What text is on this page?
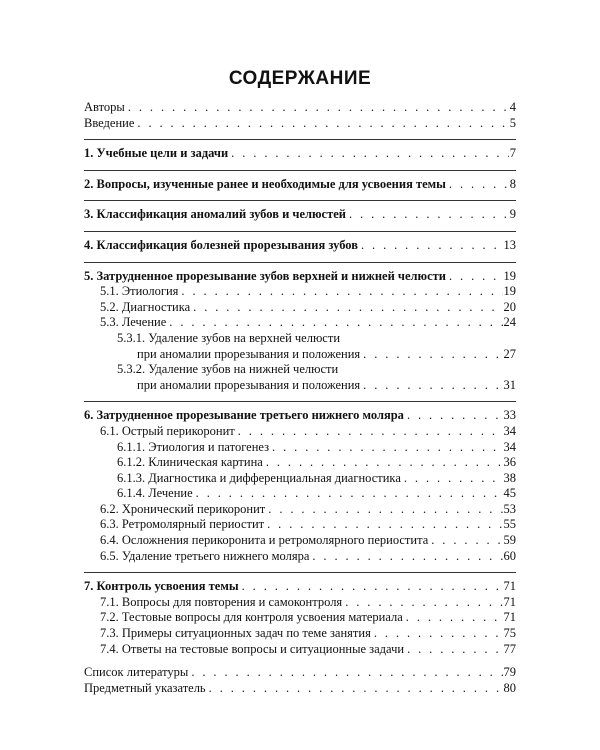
СОДЕРЖАНИЕ
Авторы . . .	4
Введение . . .	5
1. Учебные цели и задачи . . .	7
2. Вопросы, изученные ранее и необходимые для усвоения темы . . .	8
3. Классификация аномалий зубов и челюстей . . .	9
4. Классификация болезней прорезывания зубов . . .	13
5. Затрудненное прорезывание зубов верхней и нижней челюсти . . .	19
5.1. Этиология . . .	19
5.2. Диагностика . . .	20
5.3. Лечение . . .	24
5.3.1. Удаление зубов на верхней челюсти
при аномалии прорезывания и положения . . .	27
5.3.2. Удаление зубов на нижней челюсти
при аномалии прорезывания и положения . . .	31
6. Затрудненное прорезывание третьего нижнего моляра . . .	33
6.1. Острый перикоронит . . .	34
6.1.1. Этиология и патогенез . . .	34
6.1.2. Клиническая картина . . .	36
6.1.3. Диагностика и дифференциальная диагностика . . .	38
6.1.4. Лечение . . .	45
6.2. Хронический перикоронит . . .	53
6.3. Ретромолярный периостит . . .	55
6.4. Осложнения перикоронита и ретромолярного периостита . . .	59
6.5. Удаление третьего нижнего моляра . . .	60
7. Контроль усвоения темы . . .	71
7.1. Вопросы для повторения и самоконтроля . . .	71
7.2. Тестовые вопросы для контроля усвоения материала . . .	71
7.3. Примеры ситуационных задач по теме занятия . . .	75
7.4. Ответы на тестовые вопросы и ситуационные задачи . . .	77
Список литературы . . .	79
Предметный указатель . . .	80
